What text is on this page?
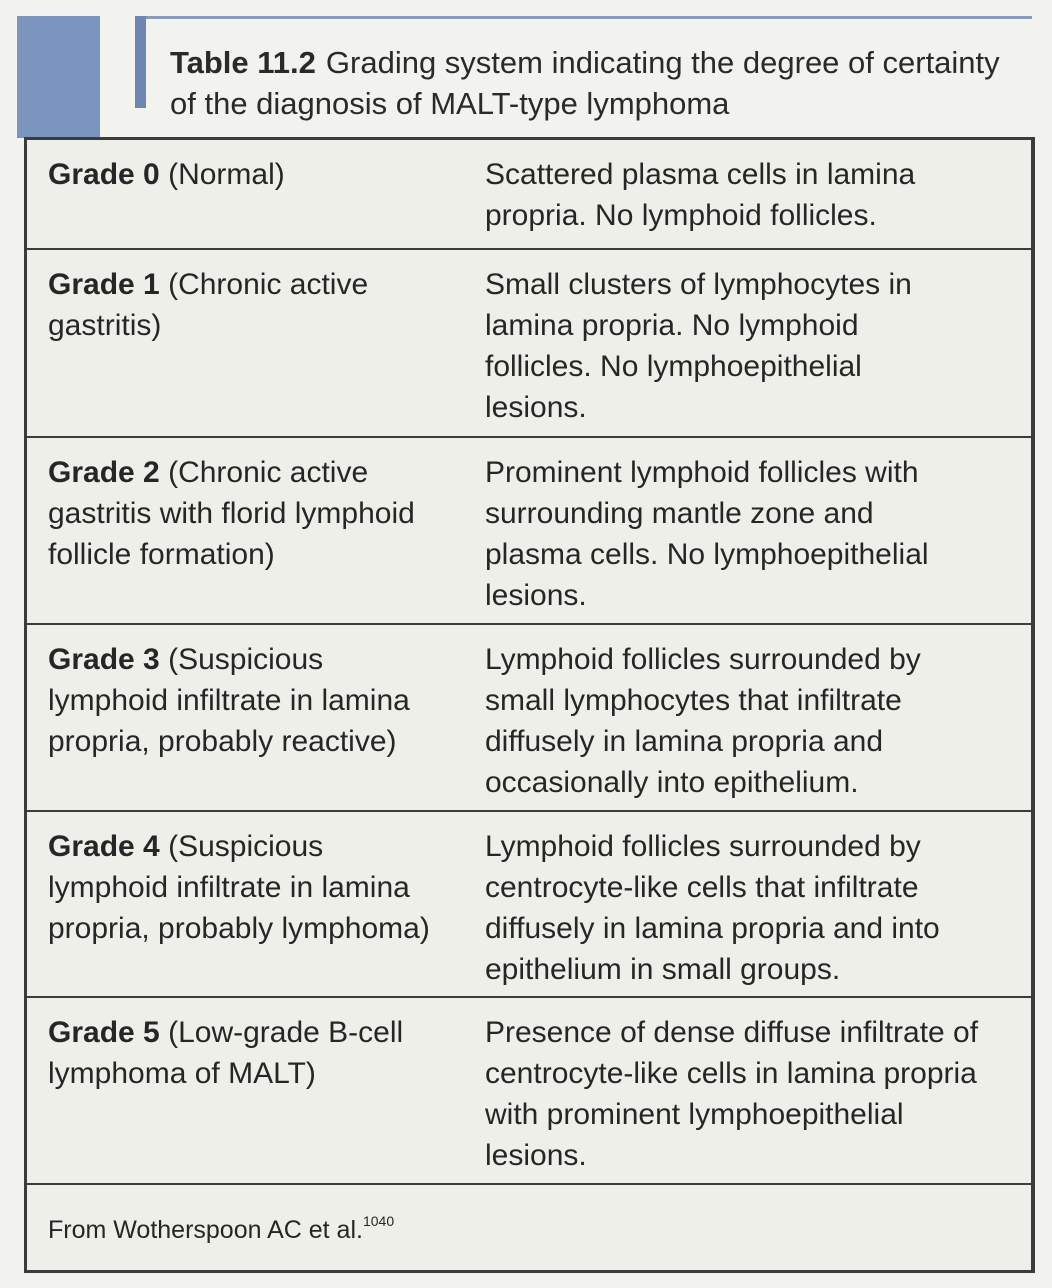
Table 11.2 Grading system indicating the degree of certainty of the diagnosis of MALT-type lymphoma
Grade 0 (Normal)	Scattered plasma cells in lamina propria. No lymphoid follicles.
Grade 1 (Chronic active gastritis)
Small clusters of lymphocytes in lamina propria. No lymphoid follicles. No lymphoepithelial lesions.
Grade 2 (Chronic active gastritis with florid lymphoid follicle formation)
Prominent lymphoid follicles with surrounding mantle zone and plasma cells. No lymphoepithelial lesions.
Grade 3 (Suspicious lymphoid infiltrate in lamina propria, probably reactive)
Lymphoid follicles surrounded by small lymphocytes that infiltrate diffusely in lamina propria and occasionally into epithelium.
Grade 4 (Suspicious lymphoid infiltrate in lamina propria, probably lymphoma)
Lymphoid follicles surrounded by centrocyte-like cells that infiltrate diffusely in lamina propria and into epithelium in small groups.
Grade 5 (Low-grade B-cell lymphoma of MALT)
Presence of dense diffuse infiltrate of centrocyte-like cells in lamina propria with prominent lymphoepithelial lesions.
From Wotherspoon AC et al.$^{1040}$
